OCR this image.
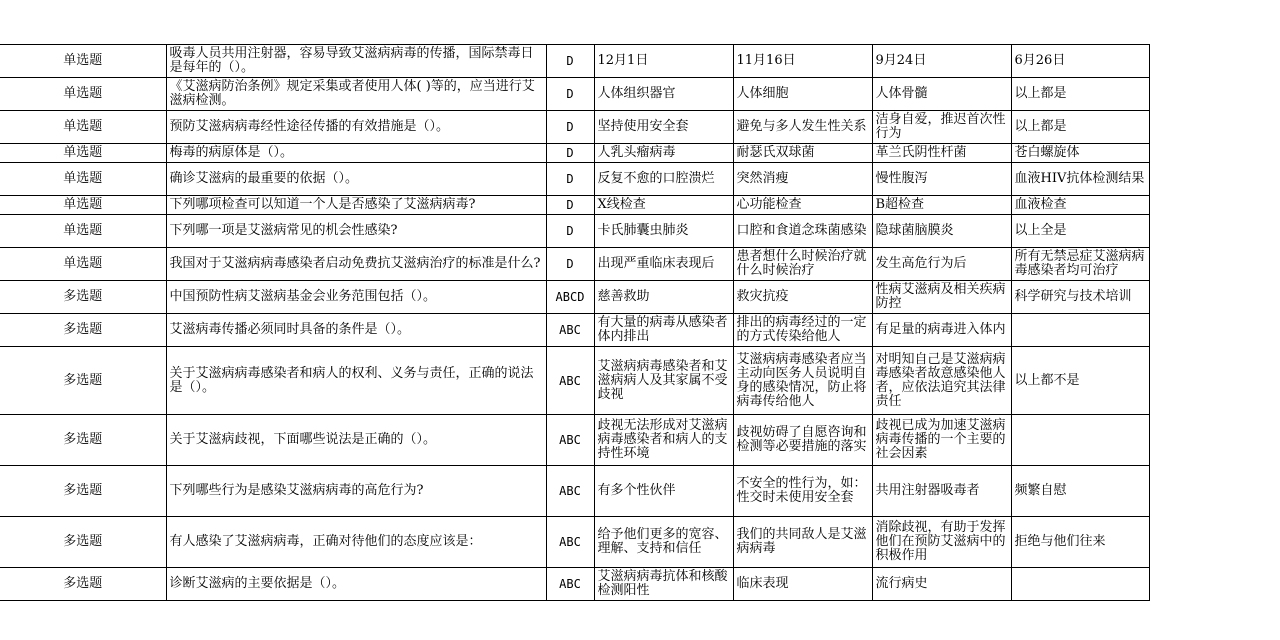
单选题	吸毒人员共用注射器，容易导致艾滋病病毒的传播，国际禁毒日是每年的（）。	D	12月1日	11月16日	9月24日	6月26日
单选题	《艾滋病防治条例》规定采集或者使用人体( )等的，应当进行艾滋病检测。	D	人体组织器官	人体细胞	人体骨髓	以上都是
单选题	预防艾滋病病毒经性途径传播的有效措施是（）。	D	坚持使用安全套	避免与多人发生性关系	洁身自爱，推迟首次性行为	以上都是
单选题	梅毒的病原体是（）。	D	人乳头瘤病毒	耐瑟氏双球菌	革兰氏阴性杆菌	苍白螺旋体
单选题	确诊艾滋病的最重要的依据（）。	D	反复不愈的口腔溃烂	突然消瘦	慢性腹泻	血液HIV抗体检测结果
单选题	下列哪项检查可以知道一个人是否感染了艾滋病病毒?	D	X线检查	心功能检查	B超检查	血液检查
单选题	下列哪一项是艾滋病常见的机会性感染?	D	卡氏肺囊虫肺炎	口腔和食道念珠菌感染	隐球菌脑膜炎	以上全是
单选题	我国对于艾滋病病毒感染者启动免费抗艾滋病治疗的标准是什么?	D	出现严重临床表现后	患者想什么时候治疗就什么时候治疗	发生高危行为后	所有无禁忌症艾滋病病毒感染者均可治疗
多选题	中国预防性病艾滋病基金会业务范围包括（）。	ABCD	慈善救助	救灾抗疫	性病艾滋病及相关疾病防控	科学研究与技术培训
多选题	艾滋病毒传播必须同时具备的条件是（）。	ABC	有大量的病毒从感染者体内排出	排出的病毒经过的一定的方式传染给他人	有足量的病毒进入体内	
多选题	关于艾滋病病毒感染者和病人的权利、义务与责任，正确的说法是（）。	ABC	艾滋病病毒感染者和艾滋病病人及其家属不受歧视	艾滋病病毒感染者应当主动向医务人员说明自身的感染情况，防止将病毒传给他人	对明知自己是艾滋病病毒感染者故意感染他人者，应依法追究其法律责任	以上都不是
多选题	关于艾滋病歧视，下面哪些说法是正确的（）。	ABC	歧视无法形成对艾滋病病毒感染者和病人的支持性环境	歧视妨碍了自愿咨询和检测等必要措施的落实	歧视已成为加速艾滋病病毒传播的一个主要的社会因素	
多选题	下列哪些行为是感染艾滋病病毒的高危行为?	ABC	有多个性伙伴	不安全的性行为，如：性交时未使用安全套	共用注射器吸毒者	频繁自慰
多选题	有人感染了艾滋病病毒，正确对待他们的态度应该是：	ABC	给予他们更多的宽容、理解、支持和信任	我们的共同敌人是艾滋病病毒	消除歧视，有助于发挥他们在预防艾滋病中的积极作用	拒绝与他们往来
多选题	诊断艾滋病的主要依据是（）。	ABC	艾滋病病毒抗体和核酸检测阳性	临床表现	流行病史	
